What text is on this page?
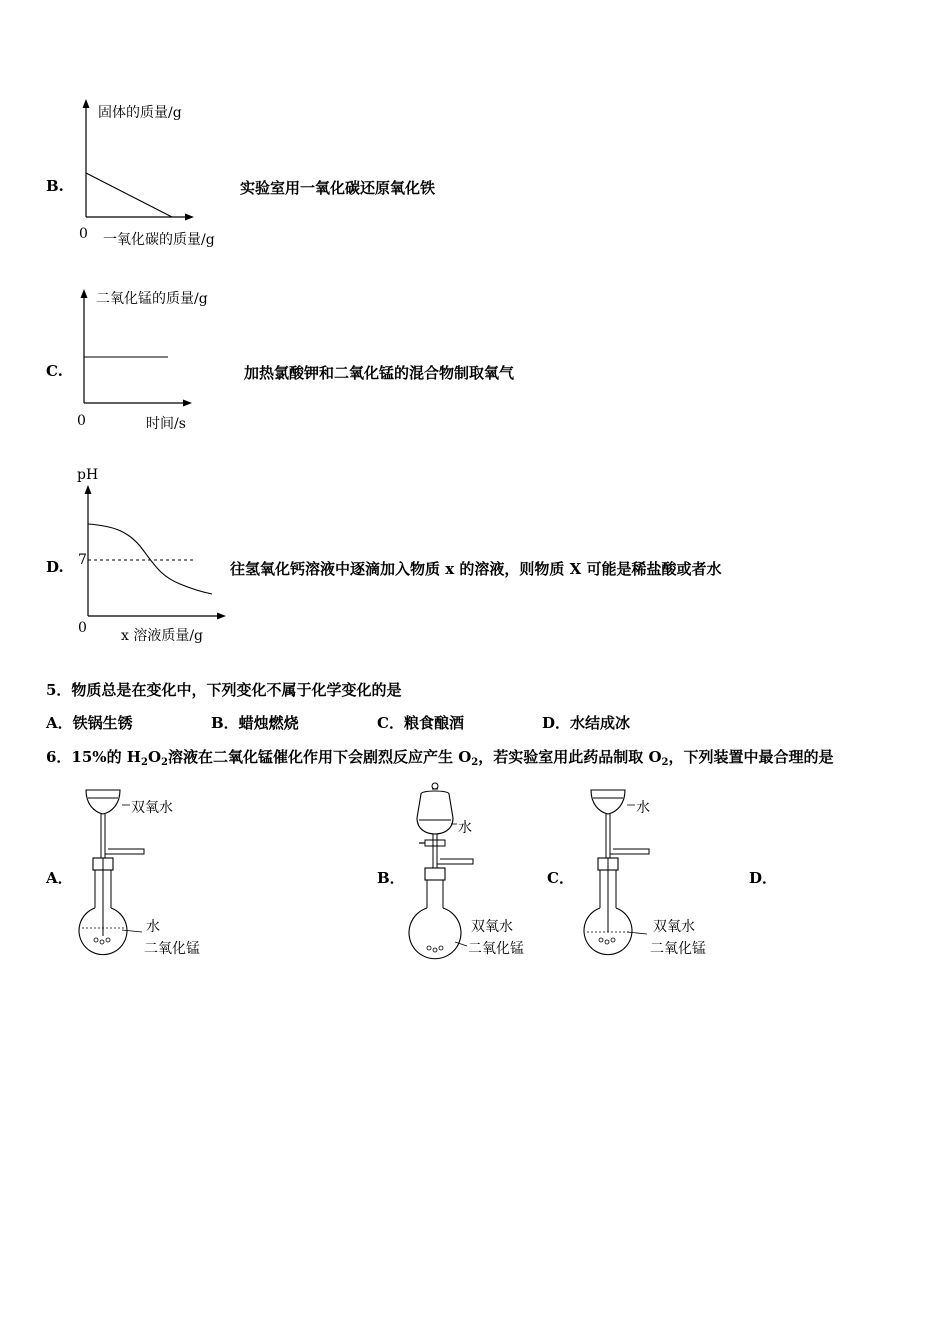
B.
固体的质量/g
0 一氧化碳的质量/g
实验室用一氧化碳还原氧化铁
C.
二氧化锰的质量/g
0	时间/s
加热氯酸钾和二氧化锰的混合物制取氧气
D.
pH
7
0 x 溶液质量/g
往氢氧化钙溶液中逐滴加入物质 x 的溶液，则物质 X 可能是稀盐酸或者水
5．物质总是在变化中，下列变化不属于化学变化的是
A．铁锅生锈	B．蜡烛燃烧	C．粮食酿酒	D．水结成冰
6．15%的 $H_2O_2$溶液在二氧化锰催化作用下会剧烈反应产生 $O_2$，若实验室用此药品制取 $O_2$，下列装置中最合理的是
A．	B．	C．	D．
双氧水
水
二氧化锰
水
双氧水
二氧化锰
水
双氧水
二氧化锰
